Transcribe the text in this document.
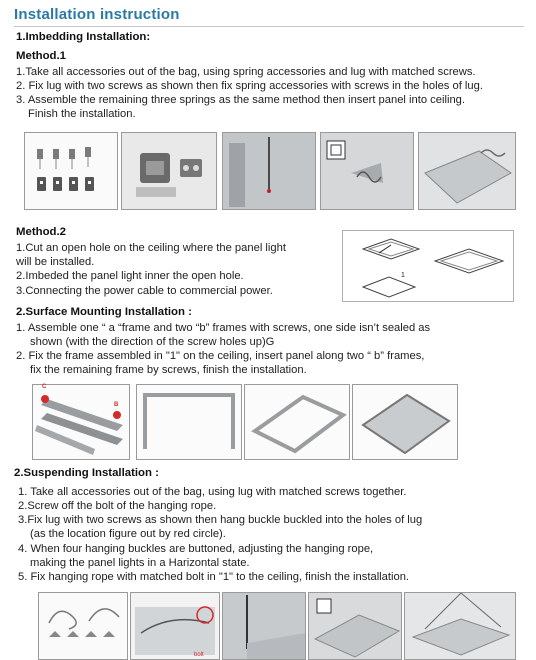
Installation instruction
1.Imbedding Installation:
Method.1
1.Take all accessories out of the bag, using spring accessories and lug with matched screws.
2. Fix lug with two screws as shown then fix spring accessories with screws in the holes of lug.
3. Assemble the remaining three springs as the same method then insert panel into ceiling.
Finish the installation.
Method.2
1.Cut an open hole on the ceiling where the panel light
will be installed.
2.Imbeded the panel light inner the open hole.
3.Connecting the power cable to commercial power.
1
2.Surface Mounting Installation :
1. Assemble one “ a “frame and two “b” frames with screws, one side isn’t sealed as
shown (with the direction of the screw holes up)G
2. Fix the frame assembled in "1" on the ceiling, insert panel along two “ b” frames,
fix the remaining frame by screws, finish the installation.
C
B
2.Suspending Installation :
1. Take all accessories out of the bag, using lug with matched screws together.
2.Screw off the bolt of the hanging rope.
3.Fix lug with two screws as shown then hang buckle buckled into the holes of lug
(as the location figure out by red circle).
4. When four hanging buckles are buttoned, adjusting the hanging rope,
making the panel lights in a Harizontal state.
5. Fix hanging rope with matched bolt in "1" to the ceiling, finish the installation.
bolt
